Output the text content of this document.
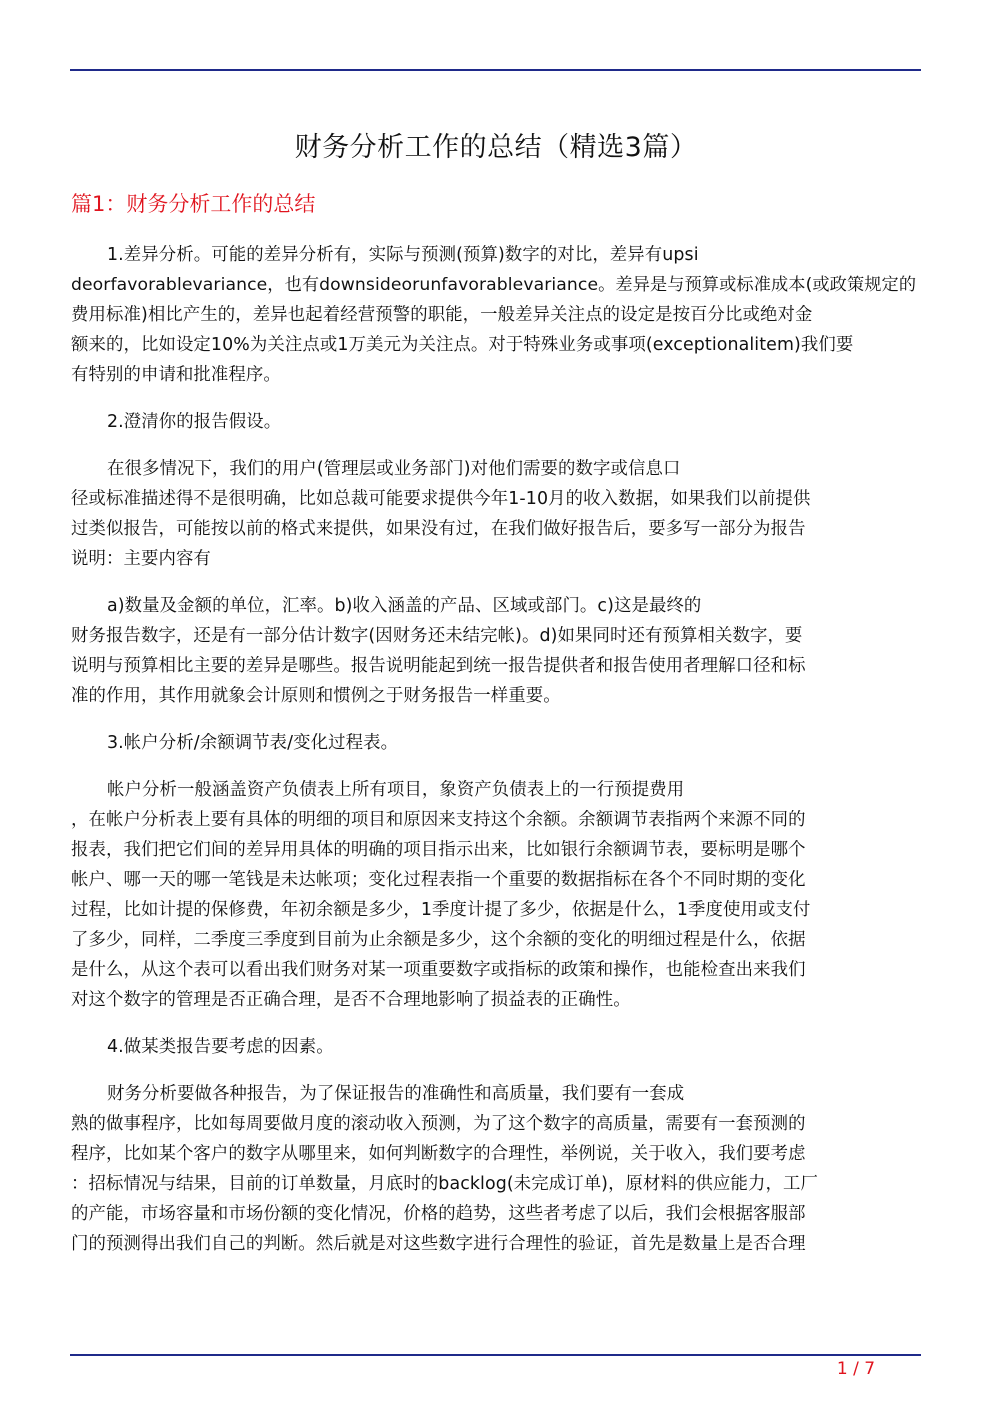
财务分析工作的总结（精选3篇）
篇1：财务分析工作的总结

1.差异分析。可能的差异分析有，实际与预测(预算)数字的对比，差异有upsi
deorfavorablevariance，也有downsideorunfavorablevariance。差异是与预算或标准成本(或政策规定的
费用标准)相比产生的，差异也起着经营预警的职能，一般差异关注点的设定是按百分比或绝对金
额来的，比如设定10%为关注点或1万美元为关注点。对于特殊业务或事项(exceptionalitem)我们要
有特别的申请和批准程序。

2.澄清你的报告假设。

在很多情况下，我们的用户(管理层或业务部门)对他们需要的数字或信息口
径或标准描述得不是很明确，比如总裁可能要求提供今年1-10月的收入数据，如果我们以前提供
过类似报告，可能按以前的格式来提供，如果没有过，在我们做好报告后，要多写一部分为报告
说明：主要内容有

a)数量及金额的单位，汇率。b)收入涵盖的产品、区域或部门。c)这是最终的
财务报告数字，还是有一部分估计数字(因财务还未结完帐)。d)如果同时还有预算相关数字，要
说明与预算相比主要的差异是哪些。报告说明能起到统一报告提供者和报告使用者理解口径和标
准的作用，其作用就象会计原则和惯例之于财务报告一样重要。

3.帐户分析/余额调节表/变化过程表。

帐户分析一般涵盖资产负债表上所有项目，象资产负债表上的一行预提费用
，在帐户分析表上要有具体的明细的项目和原因来支持这个余额。余额调节表指两个来源不同的
报表，我们把它们间的差异用具体的明确的项目指示出来，比如银行余额调节表，要标明是哪个
帐户、哪一天的哪一笔钱是未达帐项；变化过程表指一个重要的数据指标在各个不同时期的变化
过程，比如计提的保修费，年初余额是多少，1季度计提了多少，依据是什么，1季度使用或支付
了多少，同样，二季度三季度到目前为止余额是多少，这个余额的变化的明细过程是什么，依据
是什么，从这个表可以看出我们财务对某一项重要数字或指标的政策和操作，也能检查出来我们
对这个数字的管理是否正确合理，是否不合理地影响了损益表的正确性。

4.做某类报告要考虑的因素。

财务分析要做各种报告，为了保证报告的准确性和高质量，我们要有一套成
熟的做事程序，比如每周要做月度的滚动收入预测，为了这个数字的高质量，需要有一套预测的
程序，比如某个客户的数字从哪里来，如何判断数字的合理性，举例说，关于收入，我们要考虑
：招标情况与结果，目前的订单数量，月底时的backlog(未完成订单)，原材料的供应能力，工厂
的产能，市场容量和市场份额的变化情况，价格的趋势，这些者考虑了以后，我们会根据客服部
门的预测得出我们自己的判断。然后就是对这些数字进行合理性的验证，首先是数量上是否合理

1 / 7
